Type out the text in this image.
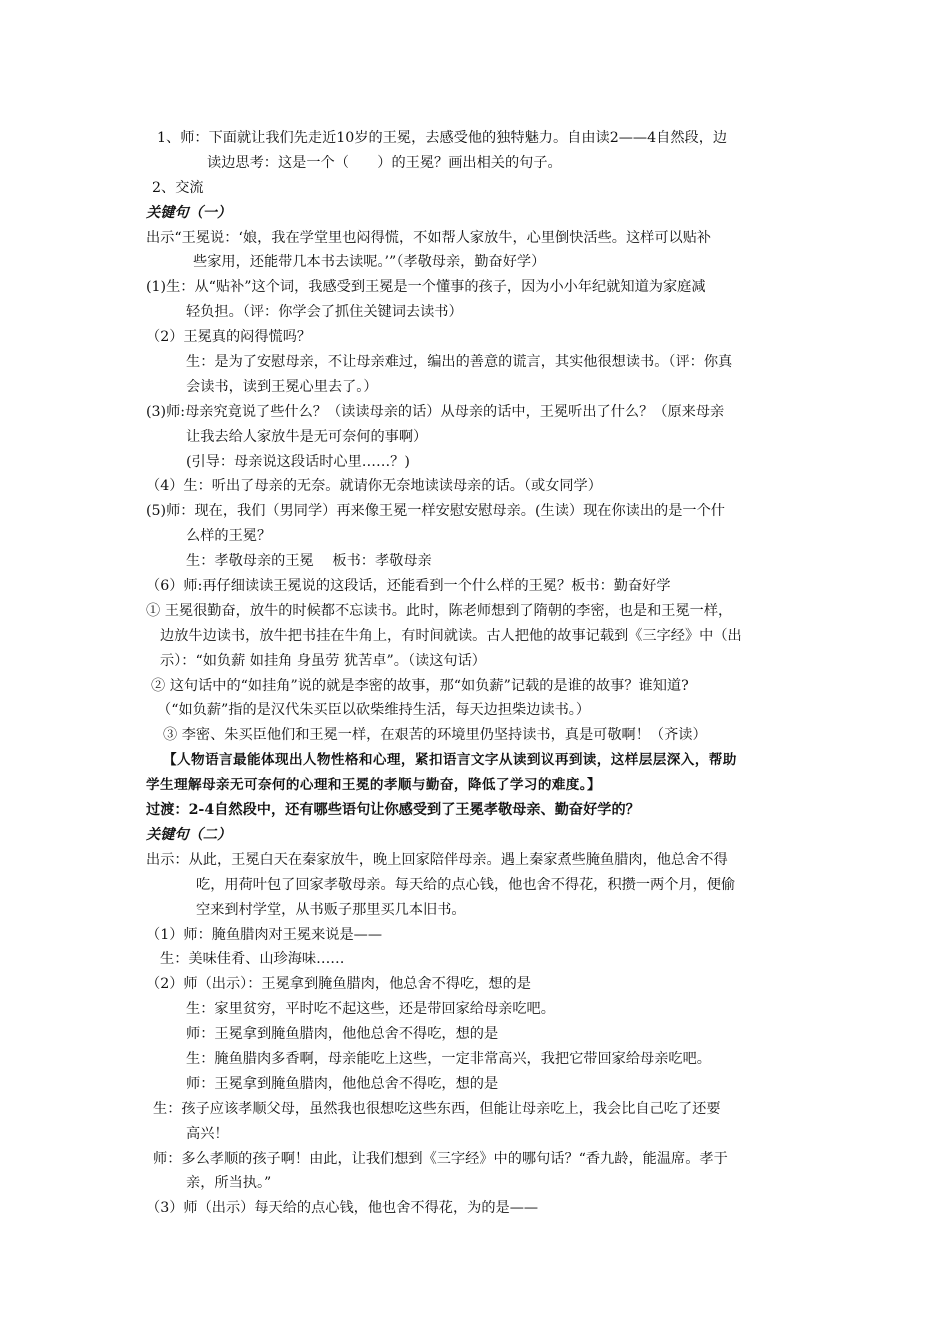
1、师：下面就让我们先走近10岁的王冕，去感受他的独特魅力。自由读2——4自然段，边
读边思考：这是一个（　　）的王冕？画出相关的句子。
2、交流
关键句（一）
出示“王冕说：‘娘，我在学堂里也闷得慌，不如帮人家放牛，心里倒快活些。这样可以贴补
些家用，还能带几本书去读呢。’”（孝敬母亲，勤奋好学）
(1)生：从“贴补”这个词，我感受到王冕是一个懂事的孩子，因为小小年纪就知道为家庭减
轻负担。（评：你学会了抓住关键词去读书）
（2）王冕真的闷得慌吗？
生：是为了安慰母亲，不让母亲难过，编出的善意的谎言，其实他很想读书。（评：你真
会读书，读到王冕心里去了。）
(3)师:母亲究竟说了些什么？（读读母亲的话）从母亲的话中，王冕听出了什么？（原来母亲
让我去给人家放牛是无可奈何的事啊）
(引导：母亲说这段话时心里……？)
（4）生：听出了母亲的无奈。就请你无奈地读读母亲的话。（或女同学）
(5)师：现在，我们（男同学）再来像王冕一样安慰安慰母亲。(生读）现在你读出的是一个什
么样的王冕？
生：孝敬母亲的王冕　 板书：孝敬母亲
（6）师:再仔细读读王冕说的这段话，还能看到一个什么样的王冕？板书：勤奋好学
① 王冕很勤奋，放牛的时候都不忘读书。此时，陈老师想到了隋朝的李密，也是和王冕一样，
边放牛边读书，放牛把书挂在牛角上，有时间就读。古人把他的故事记载到《三字经》中（出
示）：“如负薪 如挂角 身虽劳 犹苦卓”。（读这句话）
② 这句话中的“如挂角”说的就是李密的故事，那“如负薪”记载的是谁的故事？谁知道?
（“如负薪”指的是汉代朱买臣以砍柴维持生活，每天边担柴边读书。）
③ 李密、朱买臣他们和王冕一样，在艰苦的环境里仍坚持读书，真是可敬啊！（齐读）
【人物语言最能体现出人物性格和心理，紧扣语言文字从读到议再到读，这样层层深入，帮助
学生理解母亲无可奈何的心理和王冕的孝顺与勤奋，降低了学习的难度。】
过渡：2-4自然段中，还有哪些语句让你感受到了王冕孝敬母亲、勤奋好学的？
关键句（二）
出示：从此，王冕白天在秦家放牛，晚上回家陪伴母亲。遇上秦家煮些腌鱼腊肉，他总舍不得
吃，用荷叶包了回家孝敬母亲。每天给的点心钱，他也舍不得花，积攒一两个月，便偷
空来到村学堂，从书贩子那里买几本旧书。
（1）师：腌鱼腊肉对王冕来说是——
生：美味佳肴、山珍海味……
（2）师（出示）：王冕拿到腌鱼腊肉，他总舍不得吃，想的是
生：家里贫穷，平时吃不起这些，还是带回家给母亲吃吧。
师：王冕拿到腌鱼腊肉，他他总舍不得吃，想的是
生：腌鱼腊肉多香啊，母亲能吃上这些，一定非常高兴，我把它带回家给母亲吃吧。
师：王冕拿到腌鱼腊肉，他他总舍不得吃，想的是
生：孩子应该孝顺父母，虽然我也很想吃这些东西，但能让母亲吃上，我会比自己吃了还要
高兴！
师：多么孝顺的孩子啊！由此，让我们想到《三字经》中的哪句话？“香九龄，能温席。孝于
亲，所当执。”
（3）师（出示）每天给的点心钱，他也舍不得花，为的是——
